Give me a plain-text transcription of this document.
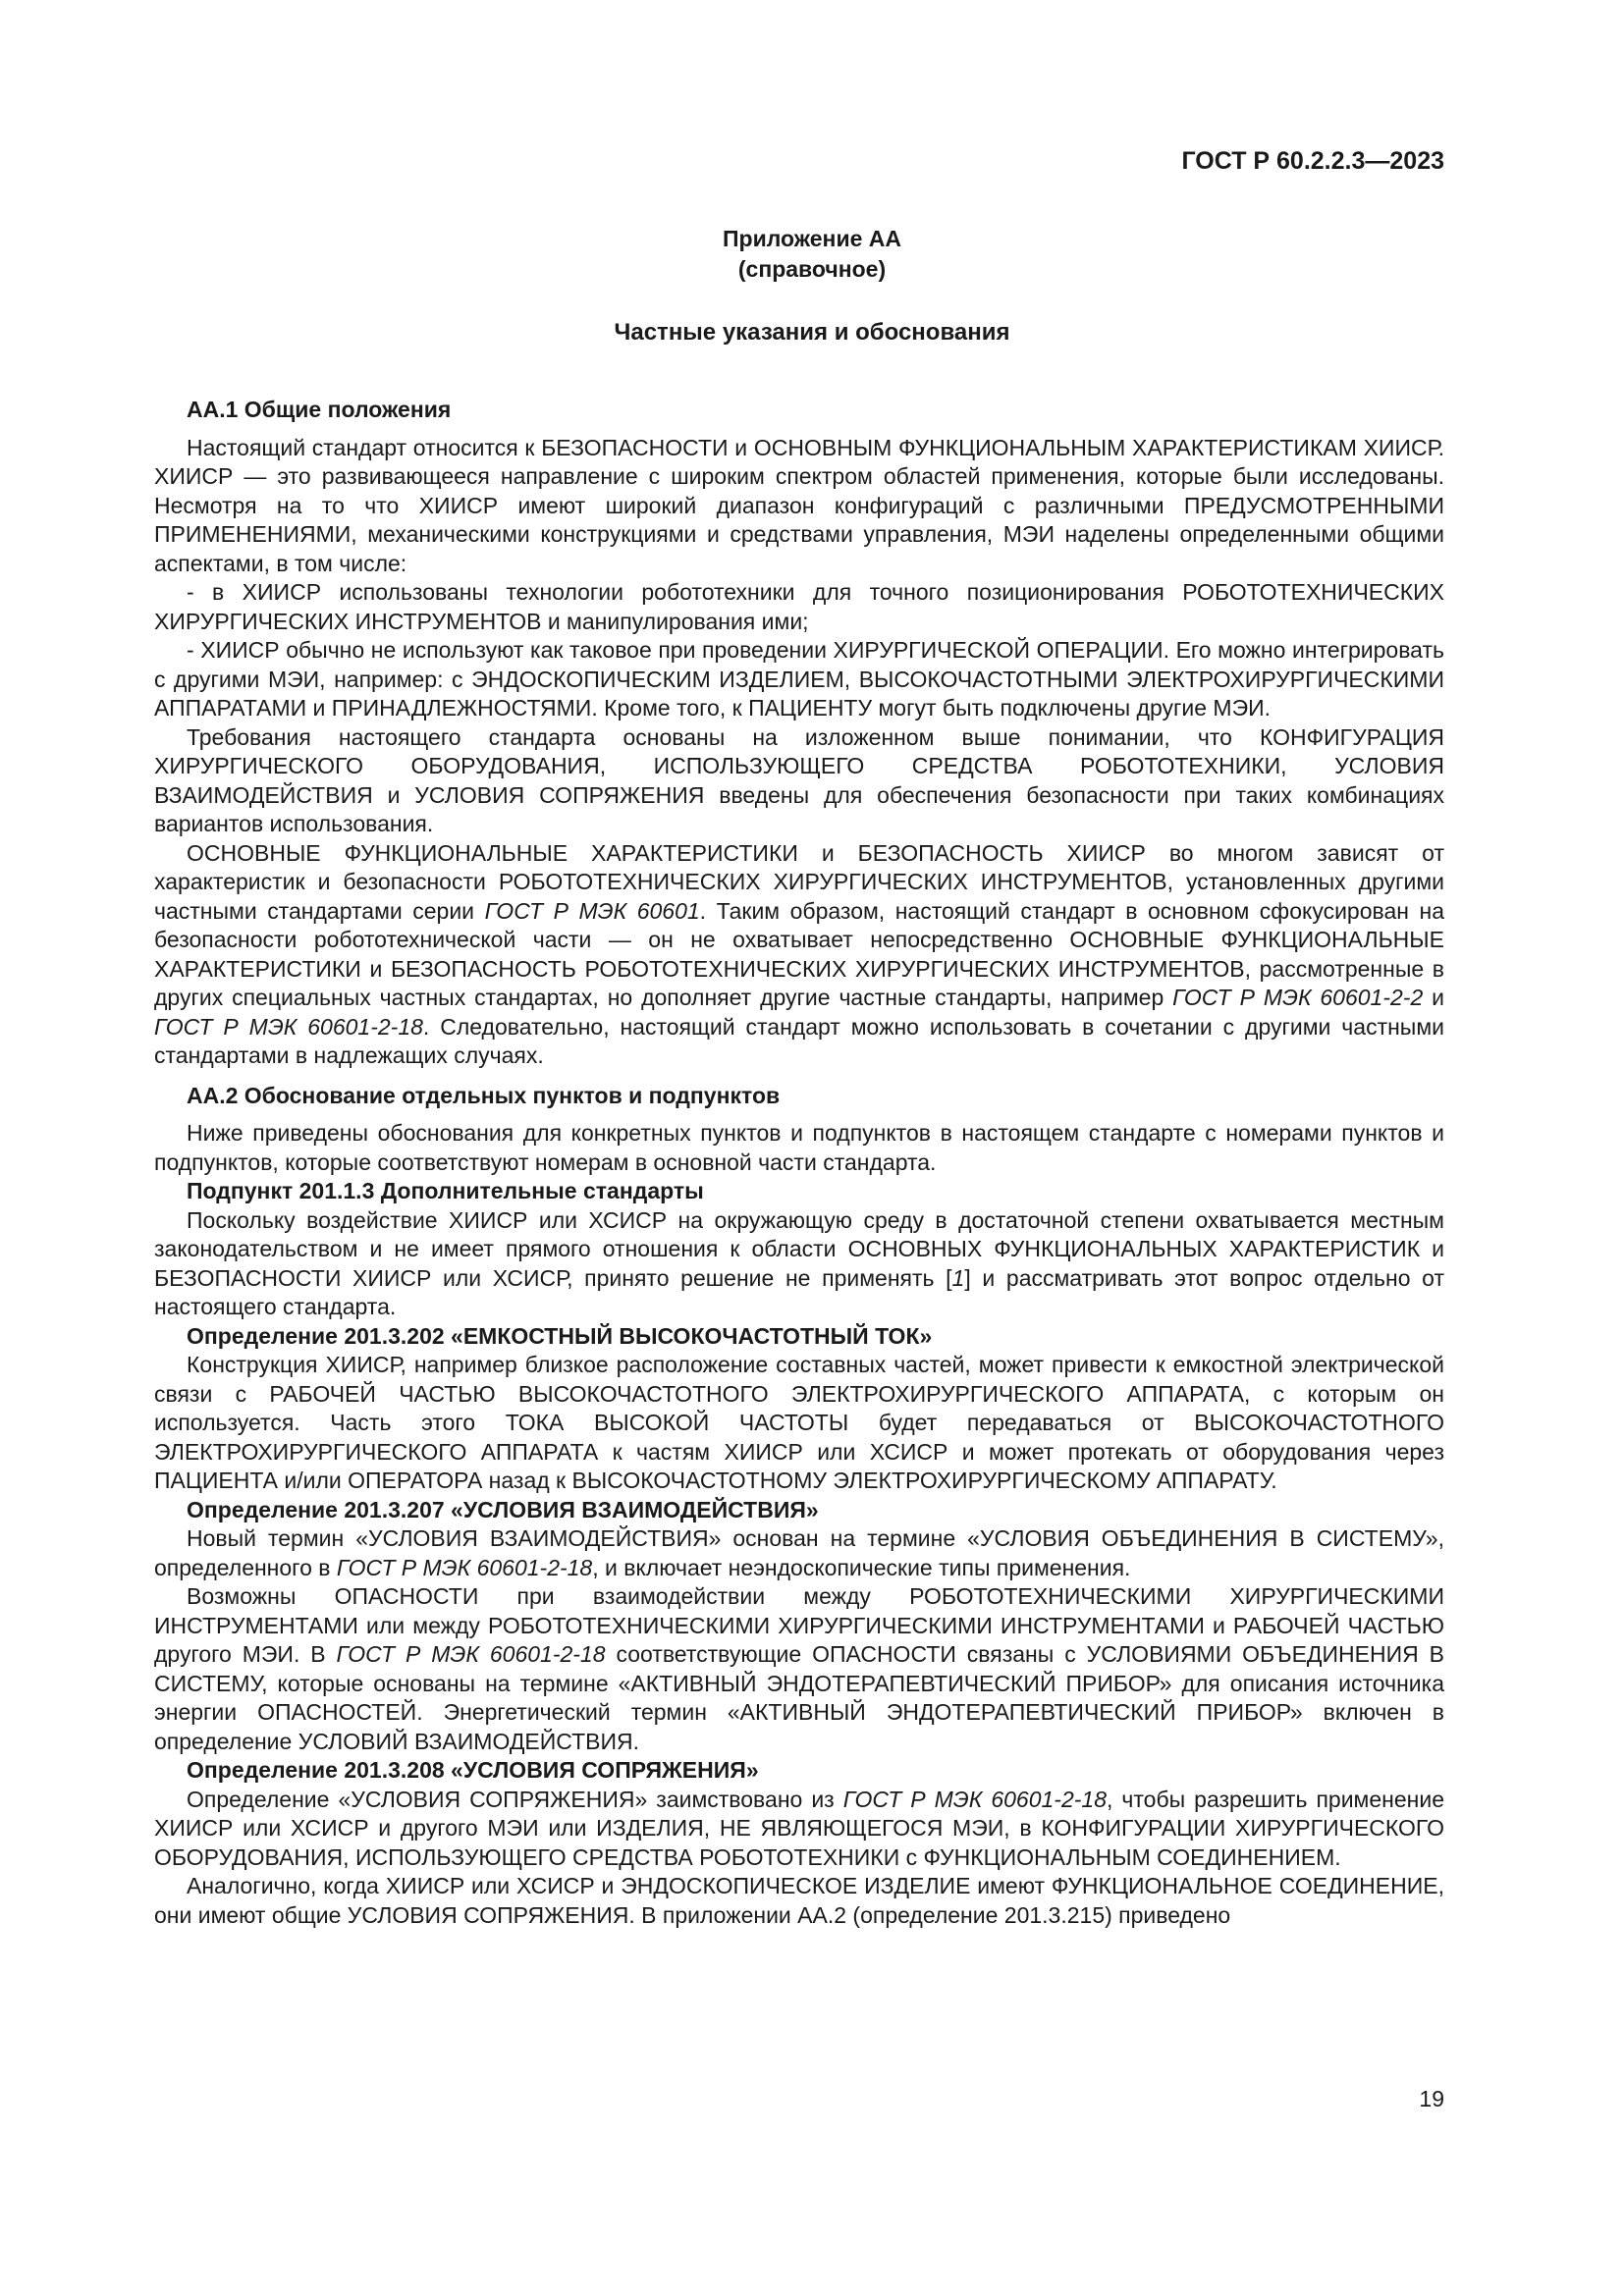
ГОСТ Р 60.2.2.3—2023
Приложение АА
(справочное)
Частные указания и обоснования

АА.1 Общие положения

Настоящий стандарт относится к БЕЗОПАСНОСТИ и ОСНОВНЫМ ФУНКЦИОНАЛЬНЫМ ХАРАКТЕРИСТИКАМ ХИИСР. ХИИСР — это развивающееся направление с широким спектром областей применения, которые были исследованы. Несмотря на то что ХИИСР имеют широкий диапазон конфигураций с различными ПРЕДУСМОТРЕННЫМИ ПРИМЕНЕНИЯМИ, механическими конструкциями и средствами управления, МЭИ наделены определенными общими аспектами, в том числе:

- в ХИИСР использованы технологии робототехники для точного позиционирования РОБОТОТЕХНИЧЕСКИХ ХИРУРГИЧЕСКИХ ИНСТРУМЕНТОВ и манипулирования ими;

- ХИИСР обычно не используют как таковое при проведении ХИРУРГИЧЕСКОЙ ОПЕРАЦИИ. Его можно интегрировать с другими МЭИ, например: с ЭНДОСКОПИЧЕСКИМ ИЗДЕЛИЕМ, ВЫСОКОЧАСТОТНЫМИ ЭЛЕКТРОХИРУРГИЧЕСКИМИ АППАРАТАМИ и ПРИНАДЛЕЖНОСТЯМИ. Кроме того, к ПАЦИЕНТУ могут быть подключены другие МЭИ.

Требования настоящего стандарта основаны на изложенном выше понимании, что КОНФИГУРАЦИЯ ХИРУРГИЧЕСКОГО ОБОРУДОВАНИЯ, ИСПОЛЬЗУЮЩЕГО СРЕДСТВА РОБОТОТЕХНИКИ, УСЛОВИЯ ВЗАИМОДЕЙСТВИЯ и УСЛОВИЯ СОПРЯЖЕНИЯ введены для обеспечения безопасности при таких комбинациях вариантов использования.

ОСНОВНЫЕ ФУНКЦИОНАЛЬНЫЕ ХАРАКТЕРИСТИКИ и БЕЗОПАСНОСТЬ ХИИСР во многом зависят от характеристик и безопасности РОБОТОТЕХНИЧЕСКИХ ХИРУРГИЧЕСКИХ ИНСТРУМЕНТОВ, установленных другими частными стандартами серии ГОСТ Р МЭК 60601. Таким образом, настоящий стандарт в основном сфокусирован на безопасности робототехнической части — он не охватывает непосредственно ОСНОВНЫЕ ФУНКЦИОНАЛЬНЫЕ ХАРАКТЕРИСТИКИ и БЕЗОПАСНОСТЬ РОБОТОТЕХНИЧЕСКИХ ХИРУРГИЧЕСКИХ ИНСТРУМЕНТОВ, рассмотренные в других специальных частных стандартах, но дополняет другие частные стандарты, например ГОСТ Р МЭК 60601-2-2 и ГОСТ Р МЭК 60601-2-18. Следовательно, настоящий стандарт можно использовать в сочетании с другими частными стандартами в надлежащих случаях.

АА.2 Обоснование отдельных пунктов и подпунктов

Ниже приведены обоснования для конкретных пунктов и подпунктов в настоящем стандарте с номерами пунктов и подпунктов, которые соответствуют номерам в основной части стандарта.

Подпункт 201.1.3 Дополнительные стандарты

Поскольку воздействие ХИИСР или ХСИСР на окружающую среду в достаточной степени охватывается местным законодательством и не имеет прямого отношения к области ОСНОВНЫХ ФУНКЦИОНАЛЬНЫХ ХАРАКТЕРИСТИК и БЕЗОПАСНОСТИ ХИИСР или ХСИСР, принято решение не применять [1] и рассматривать этот вопрос отдельно от настоящего стандарта.

Определение 201.3.202 «ЕМКОСТНЫЙ ВЫСОКОЧАСТОТНЫЙ ТОК»

Конструкция ХИИСР, например близкое расположение составных частей, может привести к емкостной электрической связи с РАБОЧЕЙ ЧАСТЬЮ ВЫСОКОЧАСТОТНОГО ЭЛЕКТРОХИРУРГИЧЕСКОГО АППАРАТА, с которым он используется. Часть этого ТОКА ВЫСОКОЙ ЧАСТОТЫ будет передаваться от ВЫСОКОЧАСТОТНОГО ЭЛЕКТРОХИРУРГИЧЕСКОГО АППАРАТА к частям ХИИСР или ХСИСР и может протекать от оборудования через ПАЦИЕНТА и/или ОПЕРАТОРА назад к ВЫСОКОЧАСТОТНОМУ ЭЛЕКТРОХИРУРГИЧЕСКОМУ АППАРАТУ.

Определение 201.3.207 «УСЛОВИЯ ВЗАИМОДЕЙСТВИЯ»

Новый термин «УСЛОВИЯ ВЗАИМОДЕЙСТВИЯ» основан на термине «УСЛОВИЯ ОБЪЕДИНЕНИЯ В СИСТЕМУ», определенного в ГОСТ Р МЭК 60601-2-18, и включает неэндоскопические типы применения.

Возможны ОПАСНОСТИ при взаимодействии между РОБОТОТЕХНИЧЕСКИМИ ХИРУРГИЧЕСКИМИ ИНСТРУМЕНТАМИ или между РОБОТОТЕХНИЧЕСКИМИ ХИРУРГИЧЕСКИМИ ИНСТРУМЕНТАМИ и РАБОЧЕЙ ЧАСТЬЮ другого МЭИ. В ГОСТ Р МЭК 60601-2-18 соответствующие ОПАСНОСТИ связаны с УСЛОВИЯМИ ОБЪЕДИНЕНИЯ В СИСТЕМУ, которые основаны на термине «АКТИВНЫЙ ЭНДОТЕРАПЕВТИЧЕСКИЙ ПРИБОР» для описания источника энергии ОПАСНОСТЕЙ. Энергетический термин «АКТИВНЫЙ ЭНДОТЕРАПЕВТИЧЕСКИЙ ПРИБОР» включен в определение УСЛОВИЙ ВЗАИМОДЕЙСТВИЯ.

Определение 201.3.208 «УСЛОВИЯ СОПРЯЖЕНИЯ»

Определение «УСЛОВИЯ СОПРЯЖЕНИЯ» заимствовано из ГОСТ Р МЭК 60601-2-18, чтобы разрешить применение ХИИСР или ХСИСР и другого МЭИ или ИЗДЕЛИЯ, НЕ ЯВЛЯЮЩЕГОСЯ МЭИ, в КОНФИГУРАЦИИ ХИРУРГИЧЕСКОГО ОБОРУДОВАНИЯ, ИСПОЛЬЗУЮЩЕГО СРЕДСТВА РОБОТОТЕХНИКИ с ФУНКЦИОНАЛЬНЫМ СОЕДИНЕНИЕМ.

Аналогично, когда ХИИСР или ХСИСР и ЭНДОСКОПИЧЕСКОЕ ИЗДЕЛИЕ имеют ФУНКЦИОНАЛЬНОЕ СОЕДИНЕНИЕ, они имеют общие УСЛОВИЯ СОПРЯЖЕНИЯ. В приложении АА.2 (определение 201.3.215) приведено

19
